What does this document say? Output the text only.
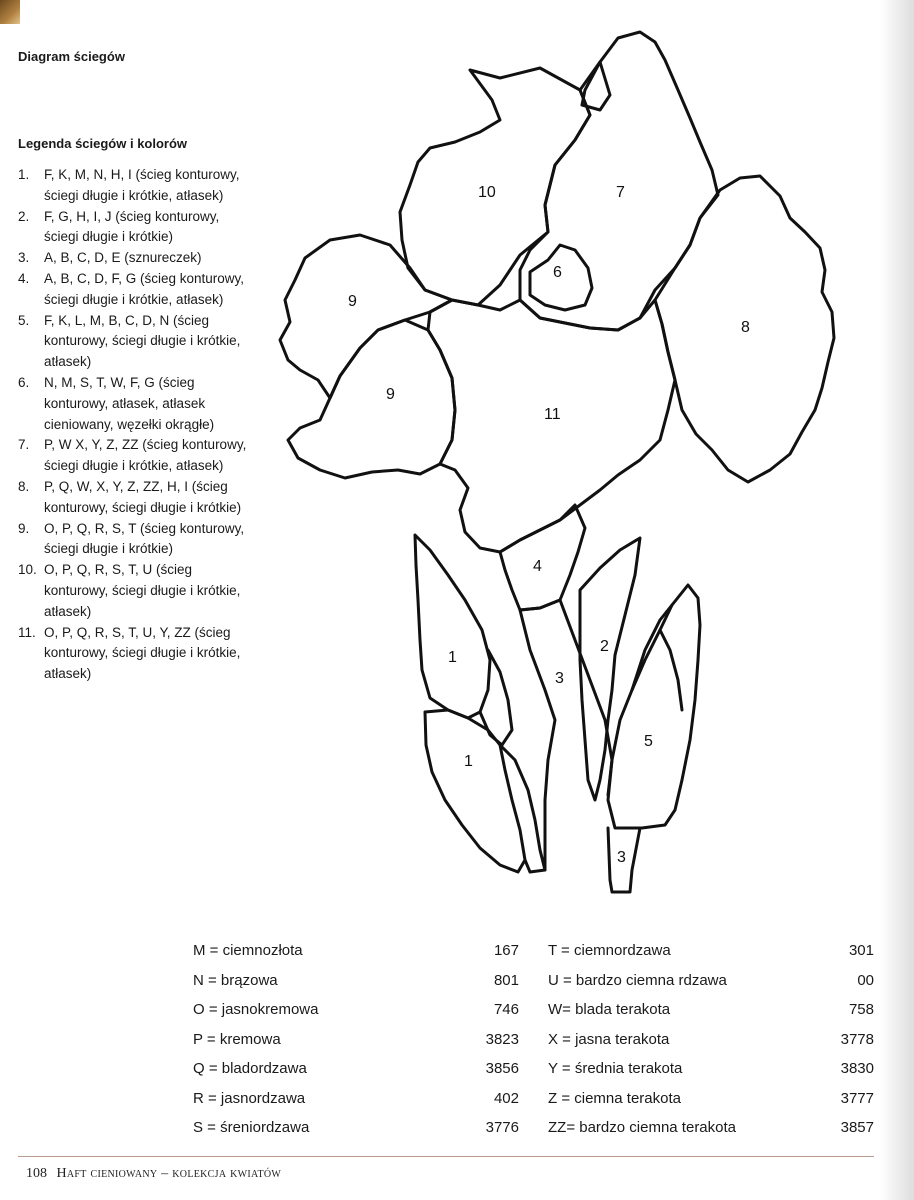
Diagram ściegów
Legenda ściegów i kolorów
1. F, K, M, N, H, I (ścieg konturowy, ściegi długie i krótkie, atłasek)
2. F, G, H, I, J (ścieg konturowy, ściegi długie i krótkie)
3. A, B, C, D, E (sznureczek)
4. A, B, C, D, F, G (ścieg konturowy, ściegi długie i krótkie, atłasek)
5. F, K, L, M, B, C, D, N (ścieg konturowy, ściegi długie i krótkie, atłasek)
6. N, M, S, T, W, F, G (ścieg konturowy, atłasek, atłasek cieniowany, węzełki okrągłe)
7. P, W X, Y, Z, ZZ (ścieg konturowy, ściegi długie i krótkie, atłasek)
8. P, Q, W, X, Y, Z, ZZ, H, I (ścieg konturowy, ściegi długie i krótkie)
9. O, P, Q, R, S, T (ścieg konturowy, ściegi długie i krótkie)
10. O, P, Q, R, S, T, U (ścieg konturowy, ściegi długie i krótkie, atłasek)
11. O, P, Q, R, S, T, U, Y, ZZ (ścieg konturowy, ściegi długie i krótkie, atłasek)
10	7
6
9
8
9
11
4
1
2
3
5
1
3
M = ciemnozłota	167
N = brązowa	801
O = jasnokremowa	746
P = kremowa	3823
Q = bladordzawa	3856
R = jasnordzawa	402
S = śreniordzawa	3776
T = ciemnordzawa	301
U = bardzo ciemna rdzawa	00
W= blada terakota	758
X = jasna terakota	3778
Y = średnia terakota	3830
Z = ciemna terakota	3777
ZZ= bardzo ciemna terakota	3857
108 Haft cieniowany – kolekcja kwiatów
